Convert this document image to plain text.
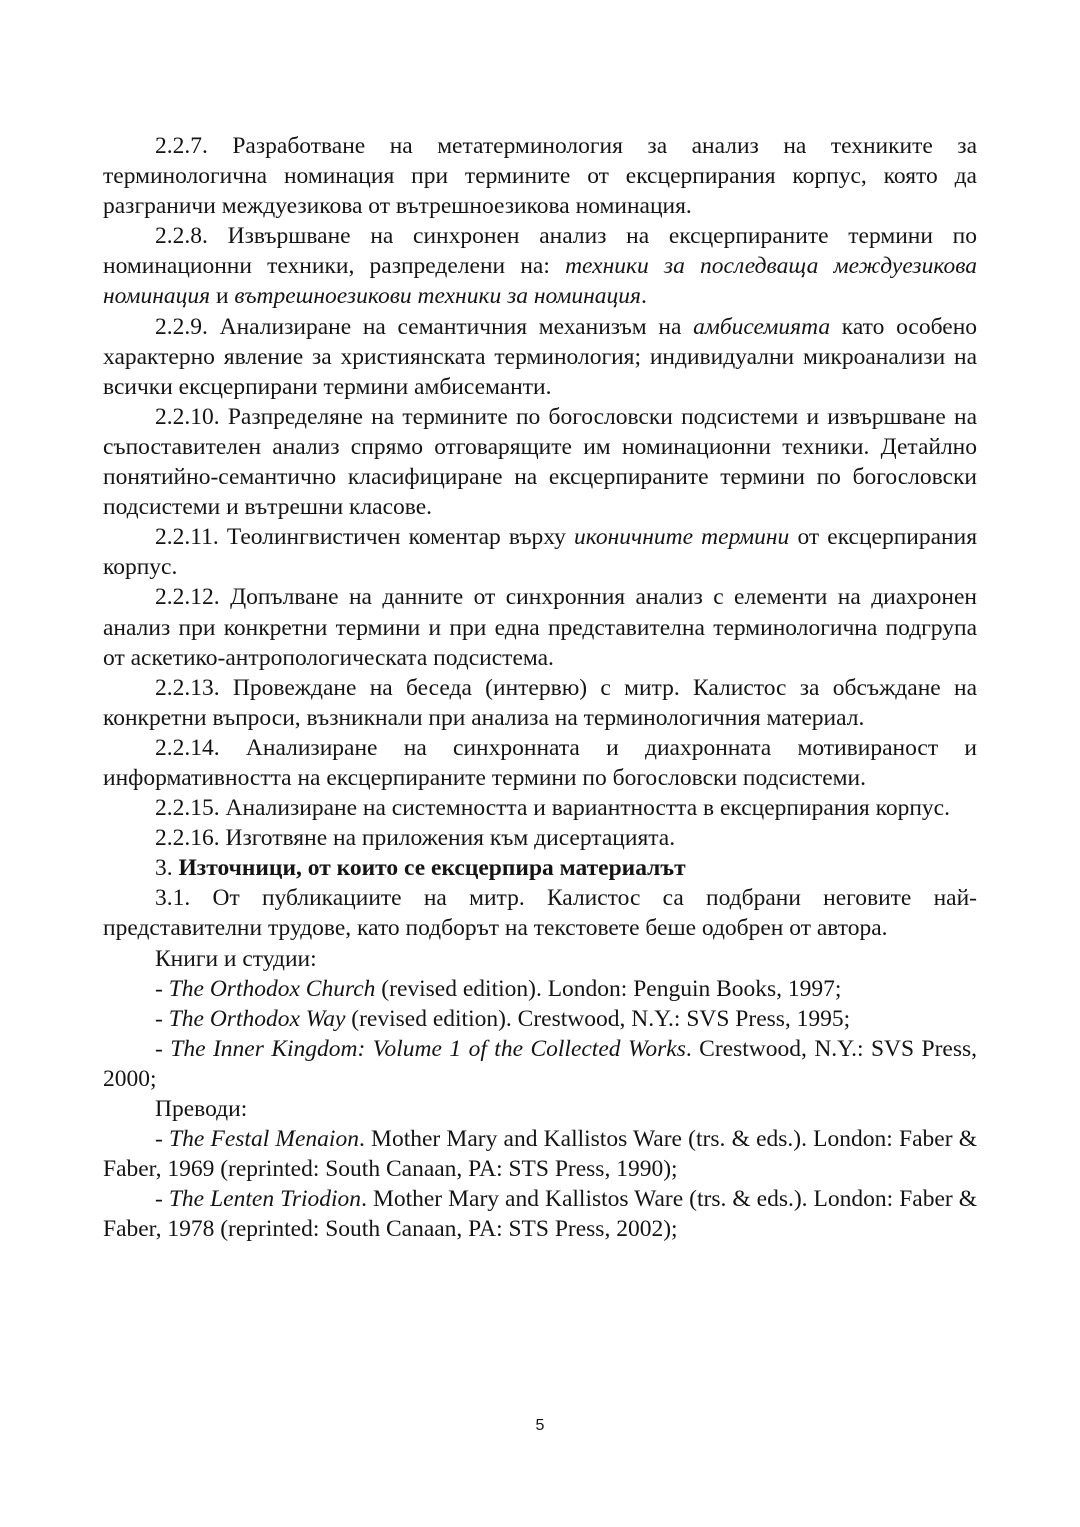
2.2.7. Разработване на метатерминология за анализ на техниките за терминологична номинация при термините от ексцерпирания корпус, която да разграничи междуезикова от вътрешноезикова номинация.

2.2.8. Извършване на синхронен анализ на ексцерпираните термини по номинационни техники, разпределени на: техники за последваща междуезикова номинация и вътрешноезикови техники за номинация.

2.2.9. Анализиране на семантичния механизъм на амбисемията като особено характерно явление за християнската терминология; индивидуални микроанализи на всички ексцерпирани термини амбисеманти.

2.2.10. Разпределяне на термините по богословски подсистеми и извършване на съпоставителен анализ спрямо отговарящите им номинационни техники. Детайлно понятийно-семантично класифициране на ексцерпираните термини по богословски подсистеми и вътрешни класове.

2.2.11. Теолингвистичен коментар върху иконичните термини от ексцерпирания корпус.

2.2.12. Допълване на данните от синхронния анализ с елементи на диахронен анализ при конкретни термини и при една представителна терминологична подгрупа от аскетико-антропологическата подсистема.

2.2.13. Провеждане на беседа (интервю) с митр. Калистос за обсъждане на конкретни въпроси, възникнали при анализа на терминологичния материал.

2.2.14. Анализиране на синхронната и диахронната мотивираност и информативността на ексцерпираните термини по богословски подсистеми.

2.2.15. Анализиране на системността и вариантността в ексцерпирания корпус.

2.2.16. Изготвяне на приложения към дисертацията.

3. Източници, от които се ексцерпира материалът

3.1. От публикациите на митр. Калистос са подбрани неговите най-представителни трудове, като подборът на текстовете беше одобрен от автора.

Книги и студии:

- The Orthodox Church (revised edition). London: Penguin Books, 1997;

- The Orthodox Way (revised edition). Crestwood, N.Y.: SVS Press, 1995;

- The Inner Kingdom: Volume 1 of the Collected Works. Crestwood, N.Y.: SVS Press, 2000;

Преводи:

- The Festal Menaion. Mother Mary and Kallistos Ware (trs. & eds.). London: Faber & Faber, 1969 (reprinted: South Canaan, PA: STS Press, 1990);

- The Lenten Triodion. Mother Mary and Kallistos Ware (trs. & eds.). London: Faber & Faber, 1978 (reprinted: South Canaan, PA: STS Press, 2002);

5
